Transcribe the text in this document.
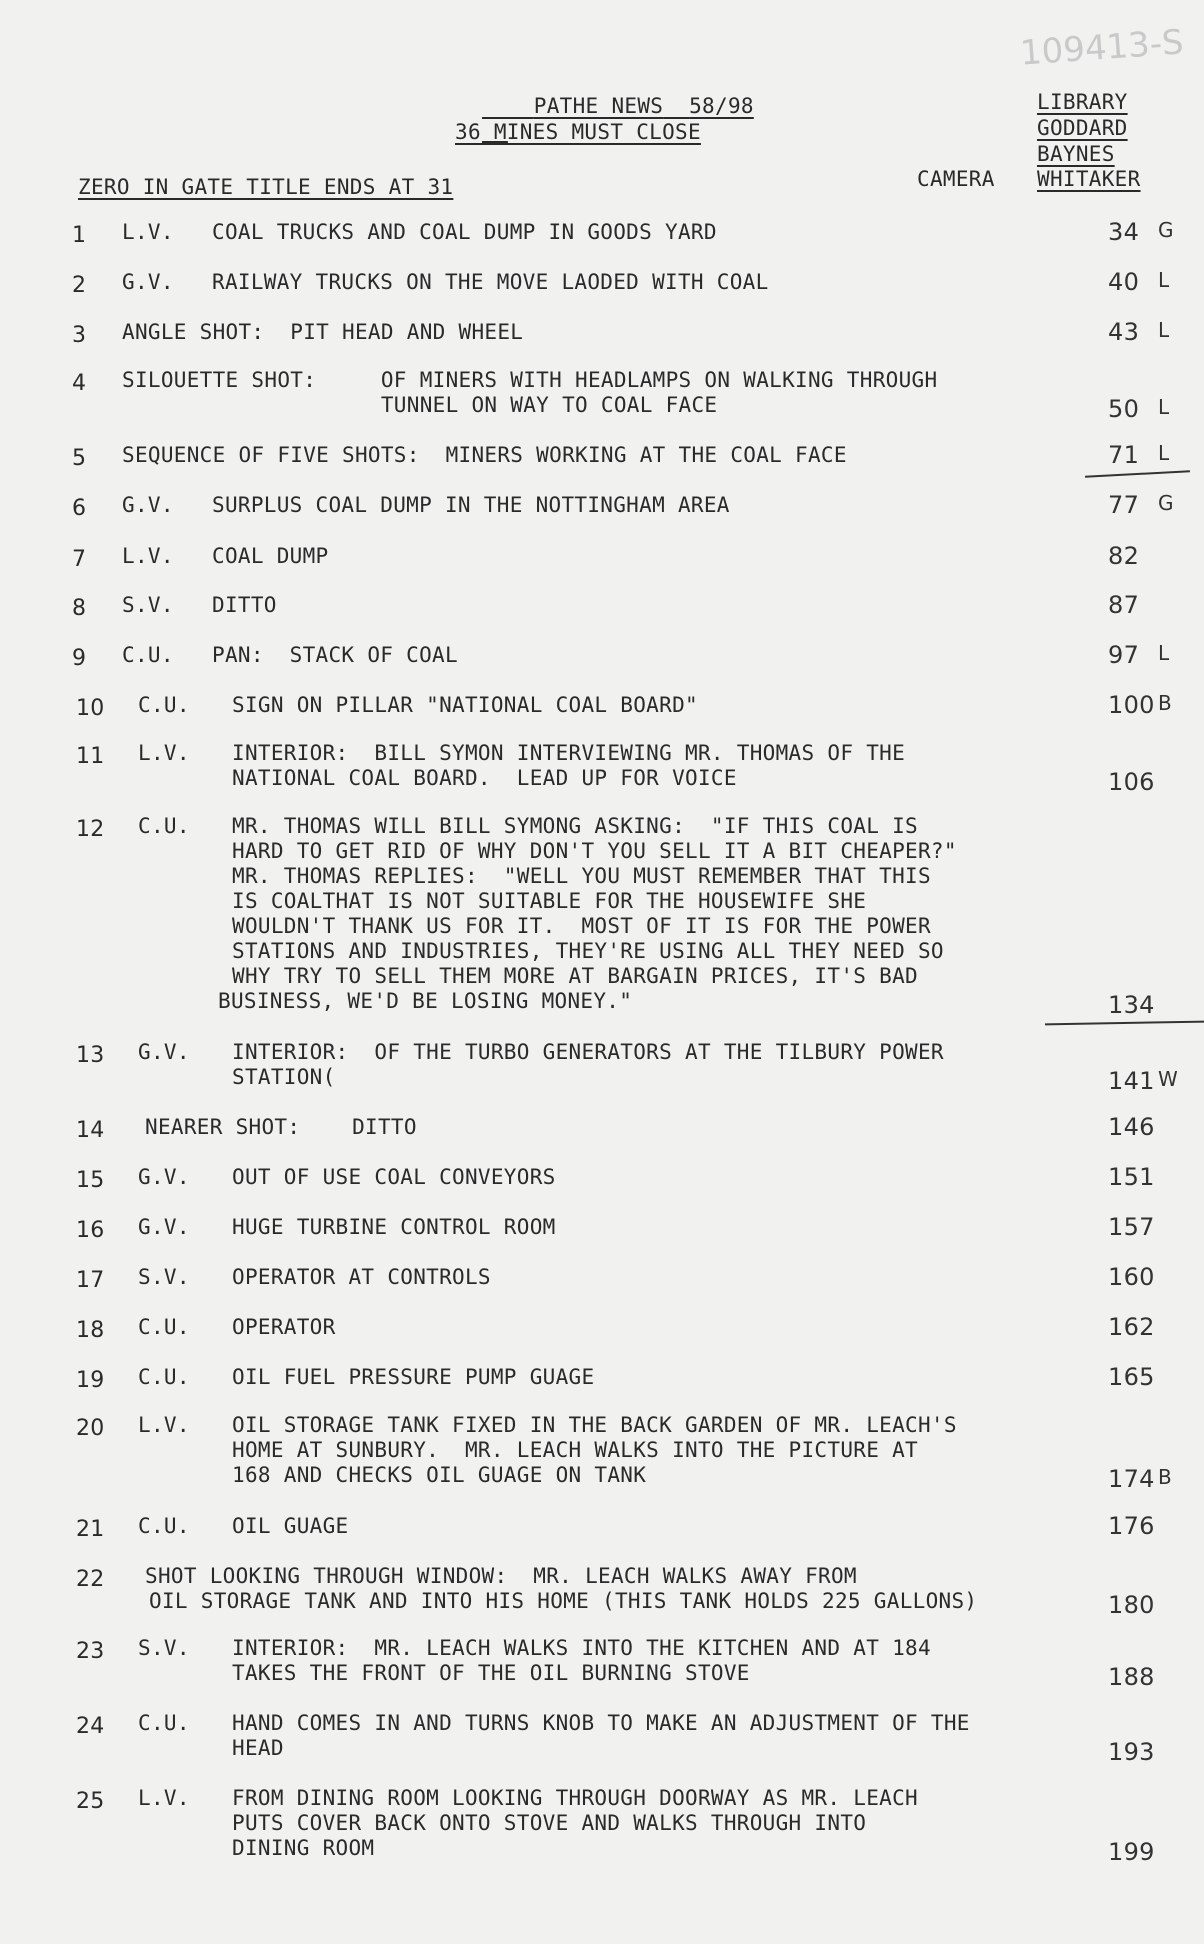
109413-S

PATHE NEWS 58/98

36 MINES MUST CLOSE
ZERO IN GATE TITLE ENDS AT 31	CAMERA
LIBRARY
GODDARD
BAYNES
WHITAKER
1 L.V. COAL TRUCKS AND COAL DUMP IN GOODS YARD	34 G
2 G.V. RAILWAY TRUCKS ON THE MOVE LAODED WITH COAL	40 L
3 ANGLE SHOT:  PIT HEAD AND WHEEL	43 L
4 SILOUETTE SHOT:     OF MINERS WITH HEADLAMPS ON WALKING THROUGH
TUNNEL ON WAY TO COAL FACE	50 L
5 SEQUENCE OF FIVE SHOTS:  MINERS WORKING AT THE COAL FACE	71 L
6 G.V. SURPLUS COAL DUMP IN THE NOTTINGHAM AREA	77 G
7 L.V. COAL DUMP	82
8 S.V. DITTO	87
9 C.U. PAN:  STACK OF COAL	97 L
10 C.U. SIGN ON PILLAR "NATIONAL COAL BOARD"	100 B
11 L.V. INTERIOR:  BILL SYMON INTERVIEWING MR. THOMAS OF THE
NATIONAL COAL BOARD.  LEAD UP FOR VOICE	106
12 C.U. MR. THOMAS WILL BILL SYMONG ASKING:  "IF THIS COAL IS
HARD TO GET RID OF WHY DON'T YOU SELL IT A BIT CHEAPER?"
MR. THOMAS REPLIES:  "WELL YOU MUST REMEMBER THAT THIS
IS COALTHAT IS NOT SUITABLE FOR THE HOUSEWIFE SHE
WOULDN'T THANK US FOR IT.  MOST OF IT IS FOR THE POWER
STATIONS AND INDUSTRIES, THEY'RE USING ALL THEY NEED SO
WHY TRY TO SELL THEM MORE AT BARGAIN PRICES, IT'S BAD
BUSINESS, WE'D BE LOSING MONEY."	134
13 G.V. INTERIOR:  OF THE TURBO GENERATORS AT THE TILBURY POWER
STATION(	141 W
14 NEARER SHOT:    DITTO	146
15 G.V. OUT OF USE COAL CONVEYORS	151
16 G.V. HUGE TURBINE CONTROL ROOM	157
17 S.V. OPERATOR AT CONTROLS	160
18 C.U. OPERATOR	162
19 C.U. OIL FUEL PRESSURE PUMP GUAGE	165
20 L.V. OIL STORAGE TANK FIXED IN THE BACK GARDEN OF MR. LEACH'S
HOME AT SUNBURY.  MR. LEACH WALKS INTO THE PICTURE AT
168 AND CHECKS OIL GUAGE ON TANK	174 B
21 C.U. OIL GUAGE	176
22 SHOT LOOKING THROUGH WINDOW:  MR. LEACH WALKS AWAY FROM
OIL STORAGE TANK AND INTO HIS HOME (THIS TANK HOLDS 225 GALLONS)	180
23 S.V. INTERIOR:  MR. LEACH WALKS INTO THE KITCHEN AND AT 184
TAKES THE FRONT OF THE OIL BURNING STOVE	188
24 C.U. HAND COMES IN AND TURNS KNOB TO MAKE AN ADJUSTMENT OF THE
HEAD	193
25 L.V. FROM DINING ROOM LOOKING THROUGH DOORWAY AS MR. LEACH
PUTS COVER BACK ONTO STOVE AND WALKS THROUGH INTO
DINING ROOM	199
